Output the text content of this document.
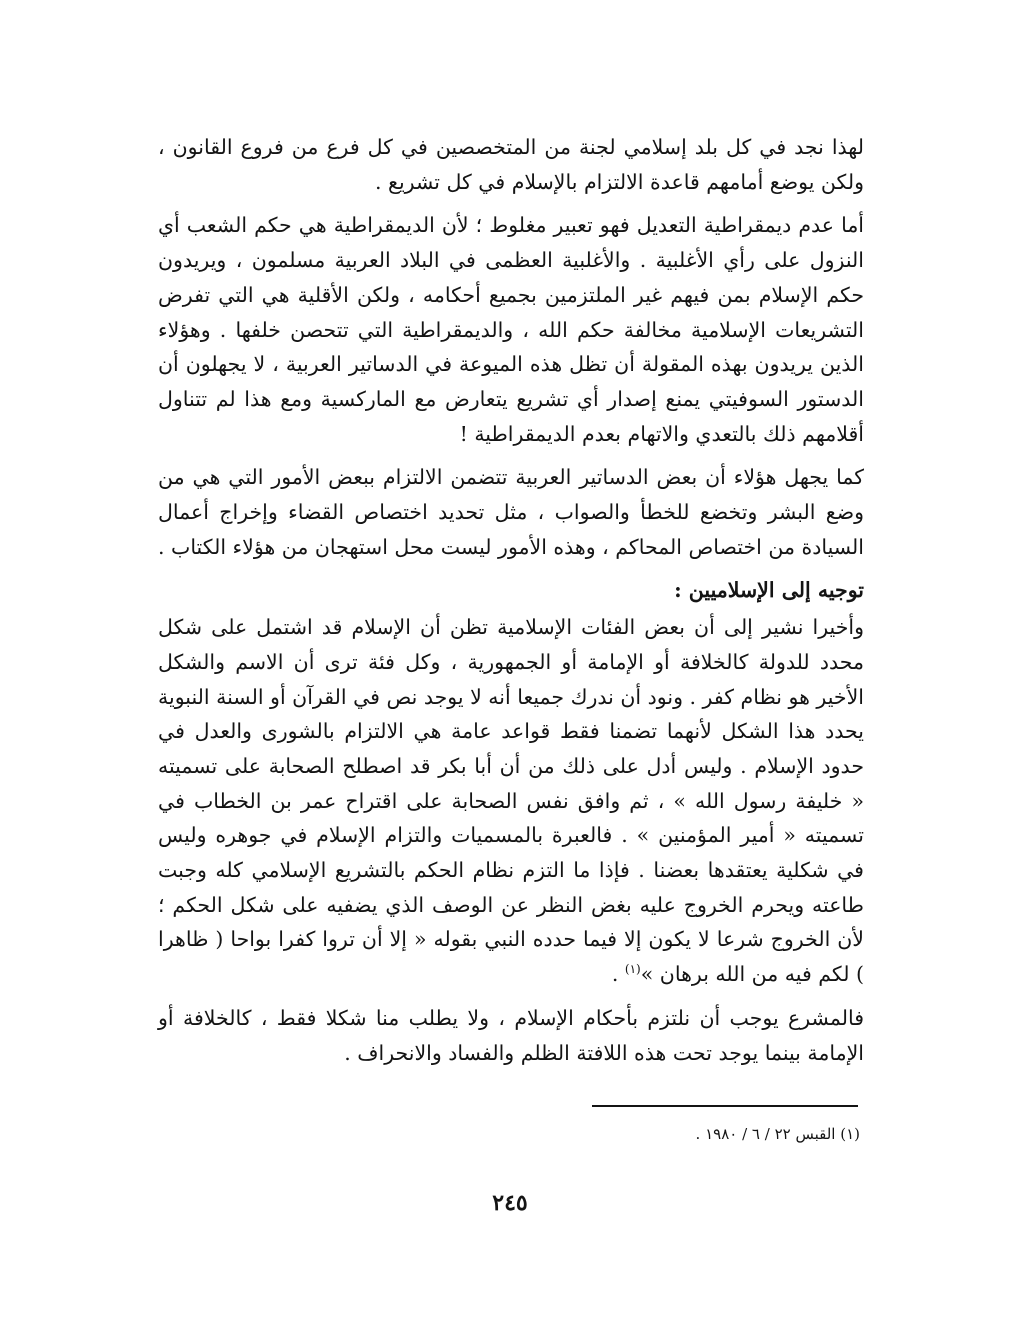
لهذا نجد في كل بلد إسلامي لجنة من المتخصصين في كل فرع من فروع القانون ، ولكن يوضع أمامهم قاعدة الالتزام بالإسلام في كل تشريع .

أما عدم ديمقراطية التعديل فهو تعبير مغلوط ؛ لأن الديمقراطية هي حكم الشعب أي النزول على رأي الأغلبية . والأغلبية العظمى في البلاد العربية مسلمون ، ويريدون حكم الإسلام بمن فيهم غير الملتزمين بجميع أحكامه ، ولكن الأقلية هي التي تفرض التشريعات الإسلامية مخالفة حكم الله ، والديمقراطية التي تتحصن خلفها . وهؤلاء الذين يريدون بهذه المقولة أن تظل هذه الميوعة في الدساتير العربية ، لا يجهلون أن الدستور السوفيتي يمنع إصدار أي تشريع يتعارض مع الماركسية ومع هذا لم تتناول أقلامهم ذلك بالتعدي والاتهام بعدم الديمقراطية !

كما يجهل هؤلاء أن بعض الدساتير العربية تتضمن الالتزام ببعض الأمور التي هي من وضع البشر وتخضع للخطأ والصواب ، مثل تحديد اختصاص القضاء وإخراج أعمال السيادة من اختصاص المحاكم ، وهذه الأمور ليست محل استهجان من هؤلاء الكتاب .

توجيه إلى الإسلاميين :

وأخيرا نشير إلى أن بعض الفئات الإسلامية تظن أن الإسلام قد اشتمل على شكل محدد للدولة كالخلافة أو الإمامة أو الجمهورية ، وكل فئة ترى أن الاسم والشكل الأخير هو نظام كفر . ونود أن ندرك جميعا أنه لا يوجد نص في القرآن أو السنة النبوية يحدد هذا الشكل لأنهما تضمنا فقط قواعد عامة هي الالتزام بالشورى والعدل في حدود الإسلام . وليس أدل على ذلك من أن أبا بكر قد اصطلح الصحابة على تسميته « خليفة رسول الله » ، ثم وافق نفس الصحابة على اقتراح عمر بن الخطاب في تسميته « أمير المؤمنين » . فالعبرة بالمسميات والتزام الإسلام في جوهره وليس في شكلية يعتقدها بعضنا . فإذا ما التزم نظام الحكم بالتشريع الإسلامي كله وجبت طاعته ويحرم الخروج عليه بغض النظر عن الوصف الذي يضفيه على شكل الحكم ؛ لأن الخروج شرعا لا يكون إلا فيما حدده النبي بقوله « إلا أن تروا كفرا بواحا ( ظاهرا ) لكم فيه من الله برهان »$^{(١)}$ .

فالمشرع يوجب أن نلتزم بأحكام الإسلام ، ولا يطلب منا شكلا فقط ، كالخلافة أو الإمامة بينما يوجد تحت هذه اللافتة الظلم والفساد والانحراف .

(١) القبس ٢٢ / ٦ / ١٩٨٠ .
٢٤٥
